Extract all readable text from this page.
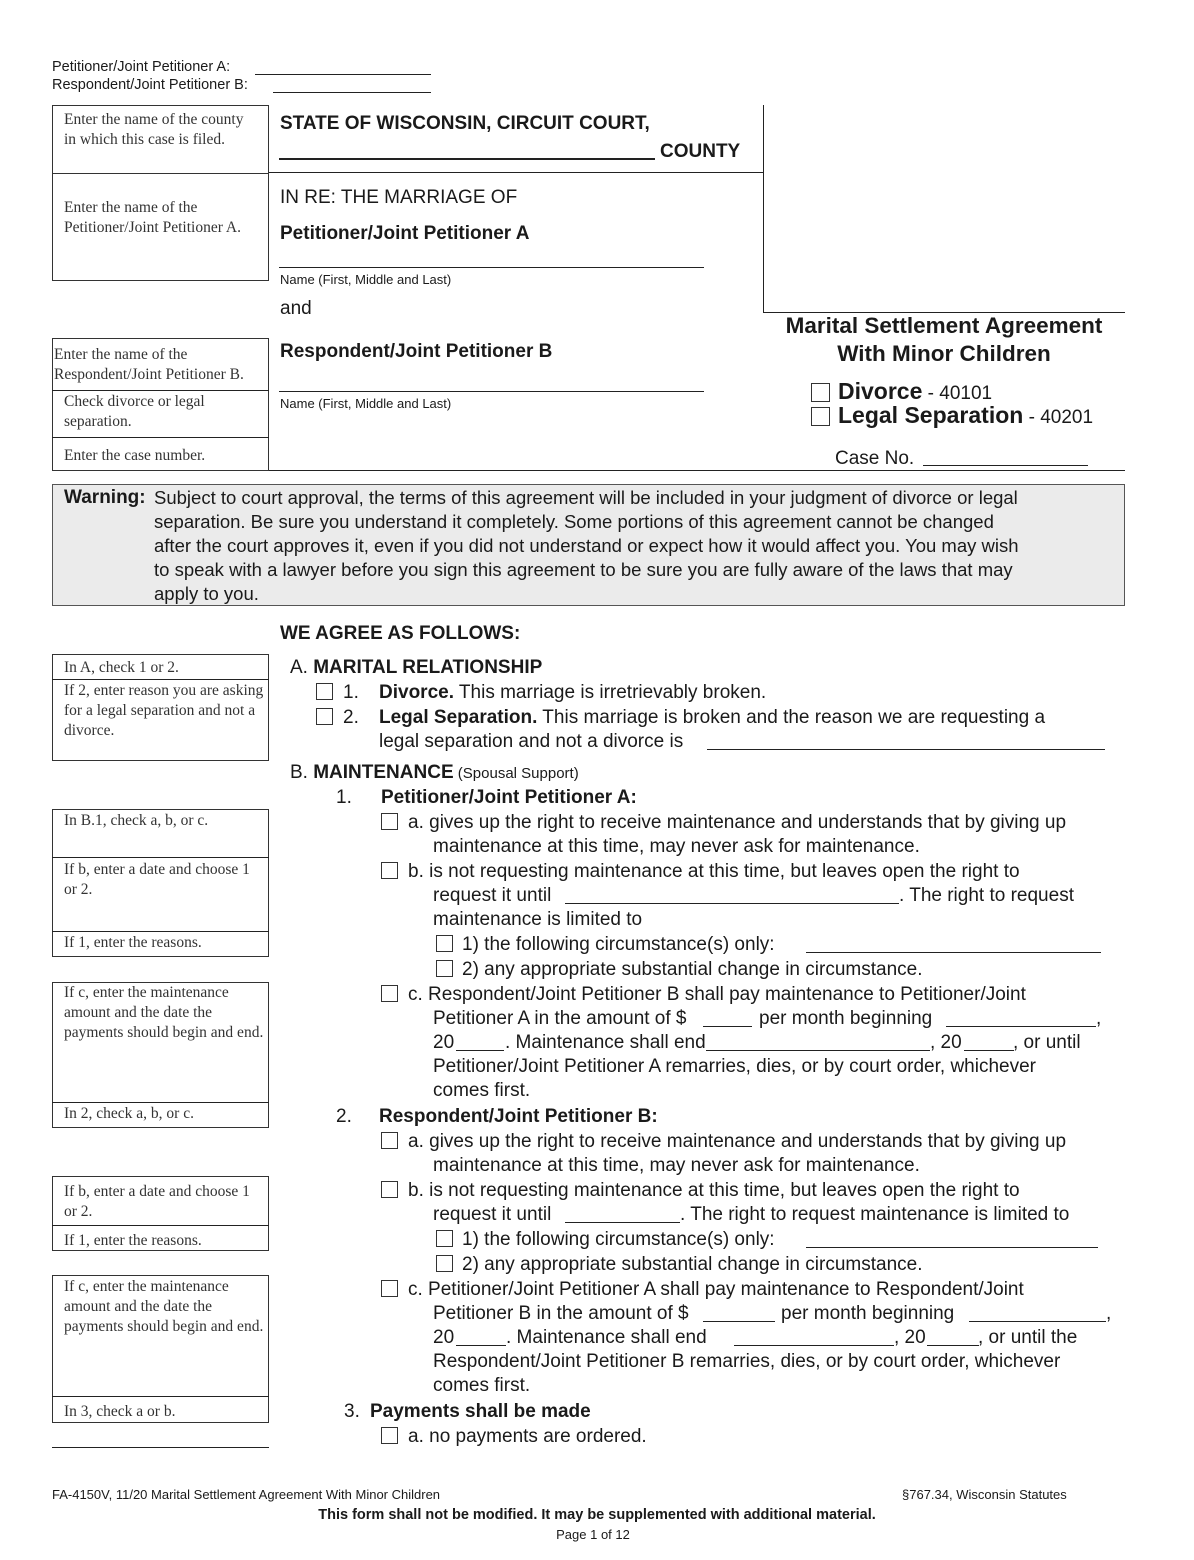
Petitioner/Joint Petitioner A:
Respondent/Joint Petitioner B:
Enter the name of the county in which this case is filed.
Enter the name of the Petitioner/Joint Petitioner A.
Enter the name of the Respondent/Joint Petitioner B.
Check divorce or legal separation.
Enter the case number.
STATE OF WISCONSIN, CIRCUIT COURT,
COUNTY
IN RE: THE MARRIAGE OF
Petitioner/Joint Petitioner A
Name (First, Middle and Last)
and
Respondent/Joint Petitioner B
Name (First, Middle and Last)
Marital Settlement Agreement
With Minor Children
Divorce - 40101
Legal Separation - 40201
Case No.
Warning: Subject to court approval, the terms of this agreement will be included in your judgment of divorce or legal
separation. Be sure you understand it completely. Some portions of this agreement cannot be changed
after the court approves it, even if you did not understand or expect how it would affect you. You may wish
to speak with a lawyer before you sign this agreement to be sure you are fully aware of the laws that may
apply to you.
WE AGREE AS FOLLOWS:
In A, check 1 or 2.
If 2, enter reason you are asking for a legal separation and not a divorce.
In B.1, check a, b, or c.
If b, enter a date and choose 1 or 2.
If 1, enter the reasons.
If c, enter the maintenance amount and the date the payments should begin and end.
In 2, check a, b, or c.
If b, enter a date and choose 1 or 2.
If 1, enter the reasons.
If c, enter the maintenance amount and the date the payments should begin and end.
In 3, check a or b.
A. MARITAL RELATIONSHIP
1. Divorce. This marriage is irretrievably broken.
2. Legal Separation. This marriage is broken and the reason we are requesting a
legal separation and not a divorce is
B. MAINTENANCE (Spousal Support)
1. Petitioner/Joint Petitioner A:
a. gives up the right to receive maintenance and understands that by giving up
maintenance at this time, may never ask for maintenance.
b. is not requesting maintenance at this time, but leaves open the right to
request it until	. The right to request
maintenance is limited to
1) the following circumstance(s) only:
2) any appropriate substantial change in circumstance.
c. Respondent/Joint Petitioner B shall pay maintenance to Petitioner/Joint
Petitioner A in the amount of $	per month beginning	,
20	. Maintenance shall end	, 20	, or until
Petitioner/Joint Petitioner A remarries, dies, or by court order, whichever
comes first.
2. Respondent/Joint Petitioner B:
a. gives up the right to receive maintenance and understands that by giving up
maintenance at this time, may never ask for maintenance.
b. is not requesting maintenance at this time, but leaves open the right to
request it until	. The right to request maintenance is limited to
1) the following circumstance(s) only:
2) any appropriate substantial change in circumstance.
c. Petitioner/Joint Petitioner A shall pay maintenance to Respondent/Joint
Petitioner B in the amount of $	per month beginning	,
20	. Maintenance shall end	, 20	, or until the
Respondent/Joint Petitioner B remarries, dies, or by court order, whichever
comes first.
3. Payments shall be made
a. no payments are ordered.
FA-4150V, 11/20 Marital Settlement Agreement With Minor Children	§767.34, Wisconsin Statutes
This form shall not be modified. It may be supplemented with additional material.
Page 1 of 12
